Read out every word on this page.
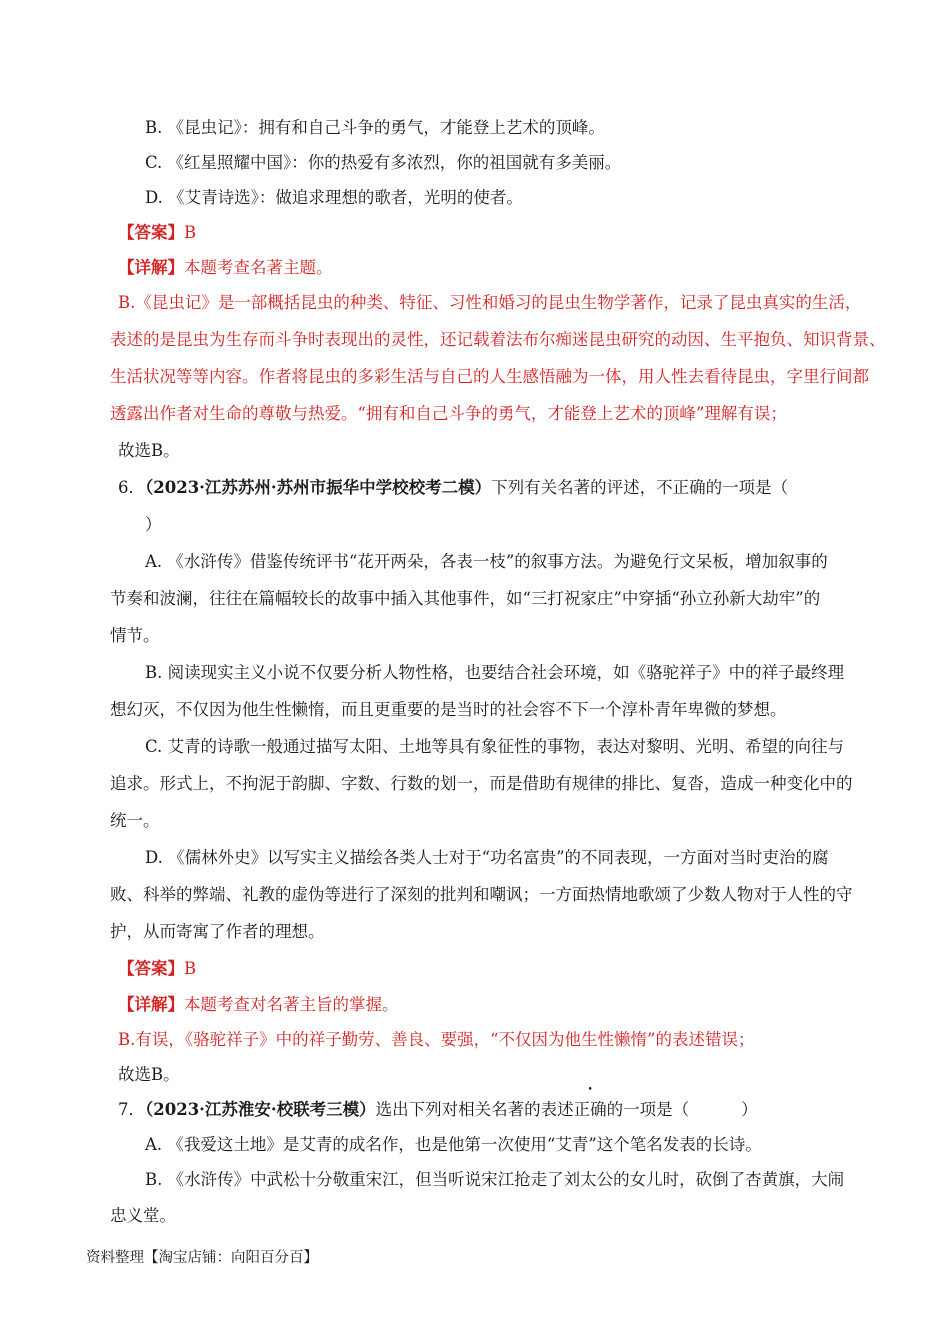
B. 《昆虫记》：拥有和自己斗争的勇气，才能登上艺术的顶峰。
C. 《红星照耀中国》：你的热爱有多浓烈，你的祖国就有多美丽。
D. 《艾青诗选》：做追求理想的歌者，光明的使者。
【答案】B
【详解】本题考查名著主题。
B.《昆虫记》是一部概括昆虫的种类、特征、习性和婚习的昆虫生物学著作，记录了昆虫真实的生活，
表述的是昆虫为生存而斗争时表现出的灵性，还记载着法布尔痴迷昆虫研究的动因、生平抱负、知识背景、
生活状况等等内容。作者将昆虫的多彩生活与自己的人生感悟融为一体，用人性去看待昆虫，字里行间都
透露出作者对生命的尊敬与热爱。“拥有和自己斗争的勇气，才能登上艺术的顶峰”理解有误；
故选B。
6．（2023·江苏苏州·苏州市振华中学校校考二模）下列有关名著的评述，不正确的一项是（
）
A. 《水浒传》借鉴传统评书“花开两朵，各表一枝”的叙事方法。为避免行文呆板，增加叙事的
节奏和波澜，往往在篇幅较长的故事中插入其他事件，如“三打祝家庄”中穿插“孙立孙新大劫牢”的
情节。
B. 阅读现实主义小说不仅要分析人物性格，也要结合社会环境，如《骆驼祥子》中的祥子最终理
想幻灭，不仅因为他生性懒惰，而且更重要的是当时的社会容不下一个淳朴青年卑微的梦想。
C. 艾青的诗歌一般通过描写太阳、土地等具有象征性的事物，表达对黎明、光明、希望的向往与
追求。形式上，不拘泥于韵脚、字数、行数的划一，而是借助有规律的排比、复沓，造成一种变化中的
统一。
D. 《儒林外史》以写实主义描绘各类人士对于“功名富贵”的不同表现，一方面对当时吏治的腐
败、科举的弊端、礼教的虚伪等进行了深刻的批判和嘲讽；一方面热情地歌颂了少数人物对于人性的守
护，从而寄寓了作者的理想。
【答案】B
【详解】本题考查对名著主旨的掌握。
B.有误，《骆驼祥子》中的祥子勤劳、善良、要强，“不仅因为他生性懒惰”的表述错误；
故选B。
7．（2023·江苏淮安·校联考三模）选出下列对相关名著的表述正确的一项是（	）
A. 《我爱这土地》是艾青的成名作，也是他第一次使用“艾青”这个笔名发表的长诗。
B. 《水浒传》中武松十分敬重宋江，但当听说宋江抢走了刘太公的女儿时，砍倒了杏黄旗，大闹
忠义堂。
资料整理【淘宝店铺：向阳百分百】
